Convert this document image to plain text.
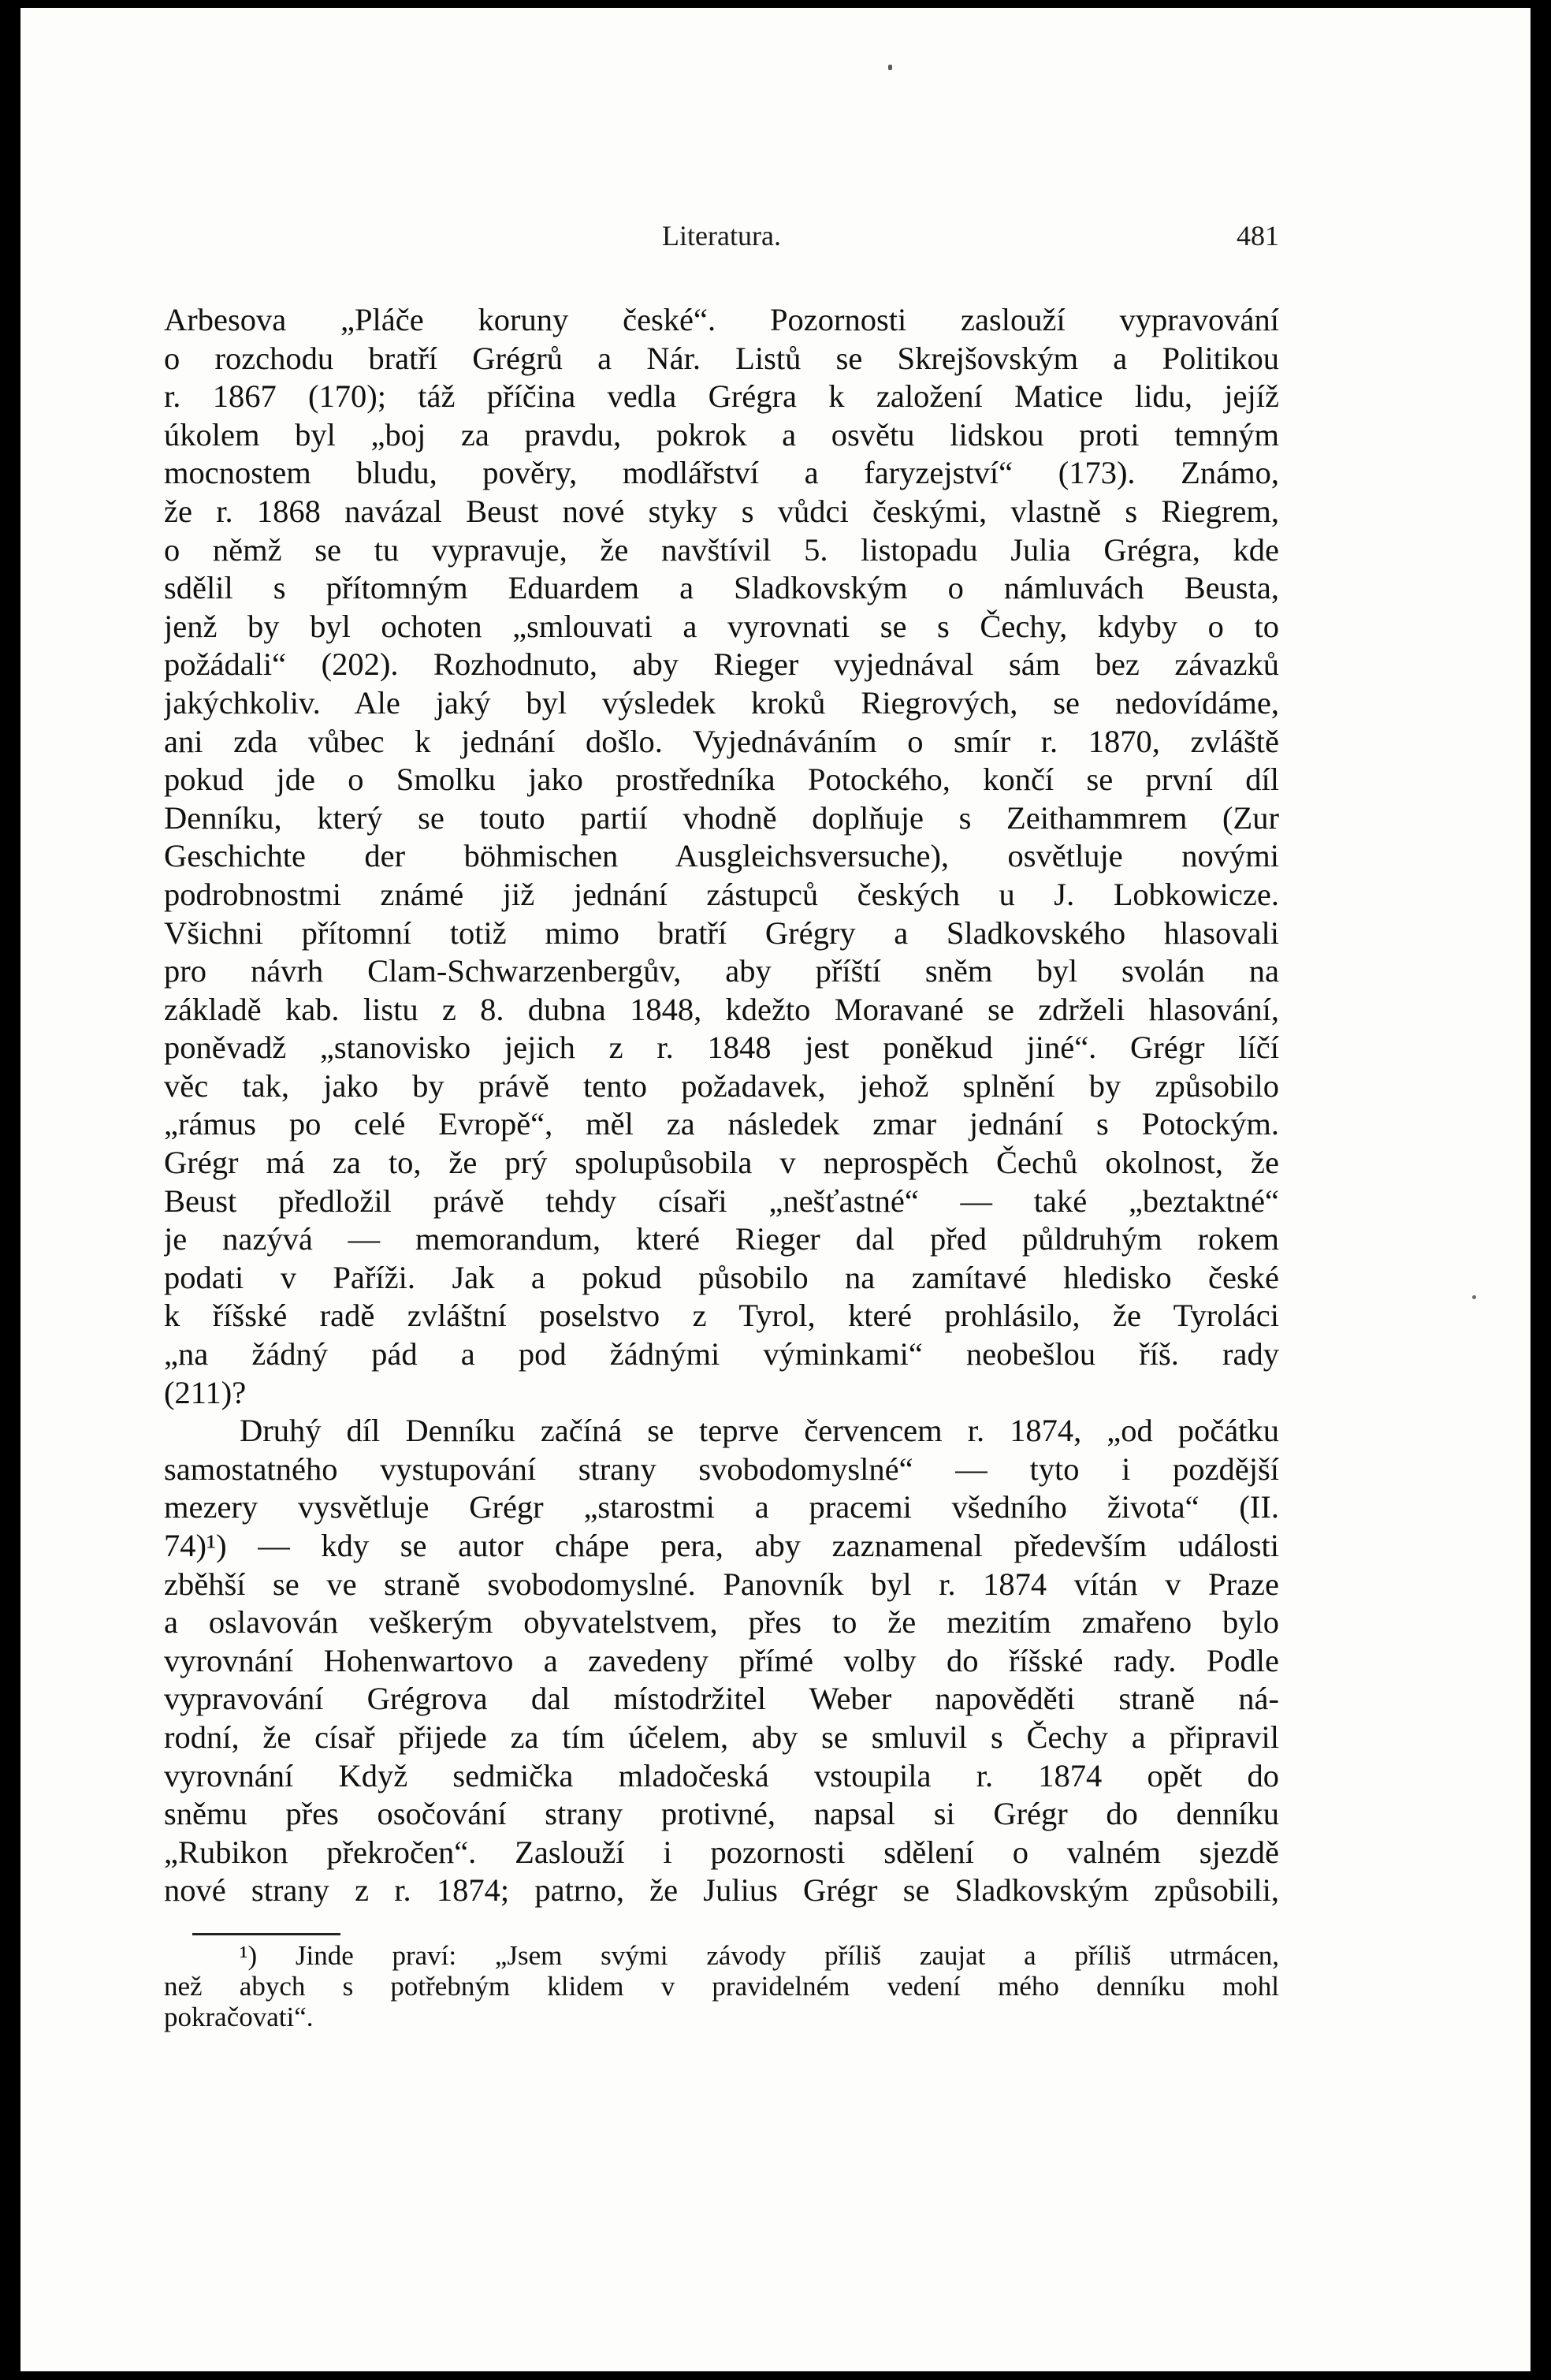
Literatura.	481
Arbesova „Pláče koruny české“. Pozornosti zaslouží vypravování
o rozchodu bratří Grégrů a Nár. Listů se Skrejšovským a Politikou
r. 1867 (170); táž příčina vedla Grégra k založení Matice lidu, jejíž
úkolem byl „boj za pravdu, pokrok a osvětu lidskou proti temným
mocnostem bludu, pověry, modlářství a faryzejství“ (173). Známo,
že r. 1868 navázal Beust nové styky s vůdci českými, vlastně s Riegrem,
o němž se tu vypravuje, že navštívil 5. listopadu Julia Grégra, kde
sdělil s přítomným Eduardem a Sladkovským o námluvách Beusta,
jenž by byl ochoten „smlouvati a vyrovnati se s Čechy, kdyby o to
požádali“ (202). Rozhodnuto, aby Rieger vyjednával sám bez závazků
jakýchkoliv. Ale jaký byl výsledek kroků Riegrových, se nedovídáme,
ani zda vůbec k jednání došlo. Vyjednáváním o smír r. 1870, zvláště
pokud jde o Smolku jako prostředníka Potockého, končí se první díl
Denníku, který se touto partií vhodně doplňuje s Zeithammrem (Zur
Geschichte der böhmischen Ausgleichsversuche), osvětluje novými
podrobnostmi známé již jednání zástupců českých u J. Lobkowicze.
Všichni přítomní totiž mimo bratří Grégry a Sladkovského hlasovali
pro návrh Clam-Schwarzenbergův, aby příští sněm byl svolán na
základě kab. listu z 8. dubna 1848, kdežto Moravané se zdrželi hlasování,
poněvadž „stanovisko jejich z r. 1848 jest poněkud jiné“. Grégr líčí
věc tak, jako by právě tento požadavek, jehož splnění by způsobilo
„rámus po celé Evropě“, měl za následek zmar jednání s Potockým.
Grégr má za to, že prý spolupůsobila v neprospěch Čechů okolnost, že
Beust předložil právě tehdy císaři „nešťastné“ — také „beztaktné“
je nazývá — memorandum, které Rieger dal před půldruhým rokem
podati v Paříži. Jak a pokud působilo na zamítavé hledisko české
k říšské radě zvláštní poselstvo z Tyrol, které prohlásilo, že Tyroláci
„na žádný pád a pod žádnými výminkami“ neobešlou říš. rady
(211)?
Druhý díl Denníku začíná se teprve červencem r. 1874, „od počátku
samostatného vystupování strany svobodomyslné“ — tyto i pozdější
mezery vysvětluje Grégr „starostmi a pracemi všedního života“ (II.
74)¹) — kdy se autor chápe pera, aby zaznamenal především události
zběhší se ve straně svobodomyslné. Panovník byl r. 1874 vítán v Praze
a oslavován veškerým obyvatelstvem, přes to že mezitím zmařeno bylo
vyrovnání Hohenwartovo a zavedeny přímé volby do říšské rady. Podle
vypravování Grégrova dal místodržitel Weber napověděti straně ná-
rodní, že císař přijede za tím účelem, aby se smluvil s Čechy a připravil
vyrovnání Když sedmička mladočeská vstoupila r. 1874 opět do
sněmu přes osočování strany protivné, napsal si Grégr do denníku
„Rubikon překročen“. Zaslouží i pozornosti sdělení o valném sjezdě
nové strany z r. 1874; patrno, že Julius Grégr se Sladkovským způsobili,
¹) Jinde praví: „Jsem svými závody příliš zaujat a příliš utrmácen,
než abych s potřebným klidem v pravidelném vedení mého denníku mohl
pokračovati“.
